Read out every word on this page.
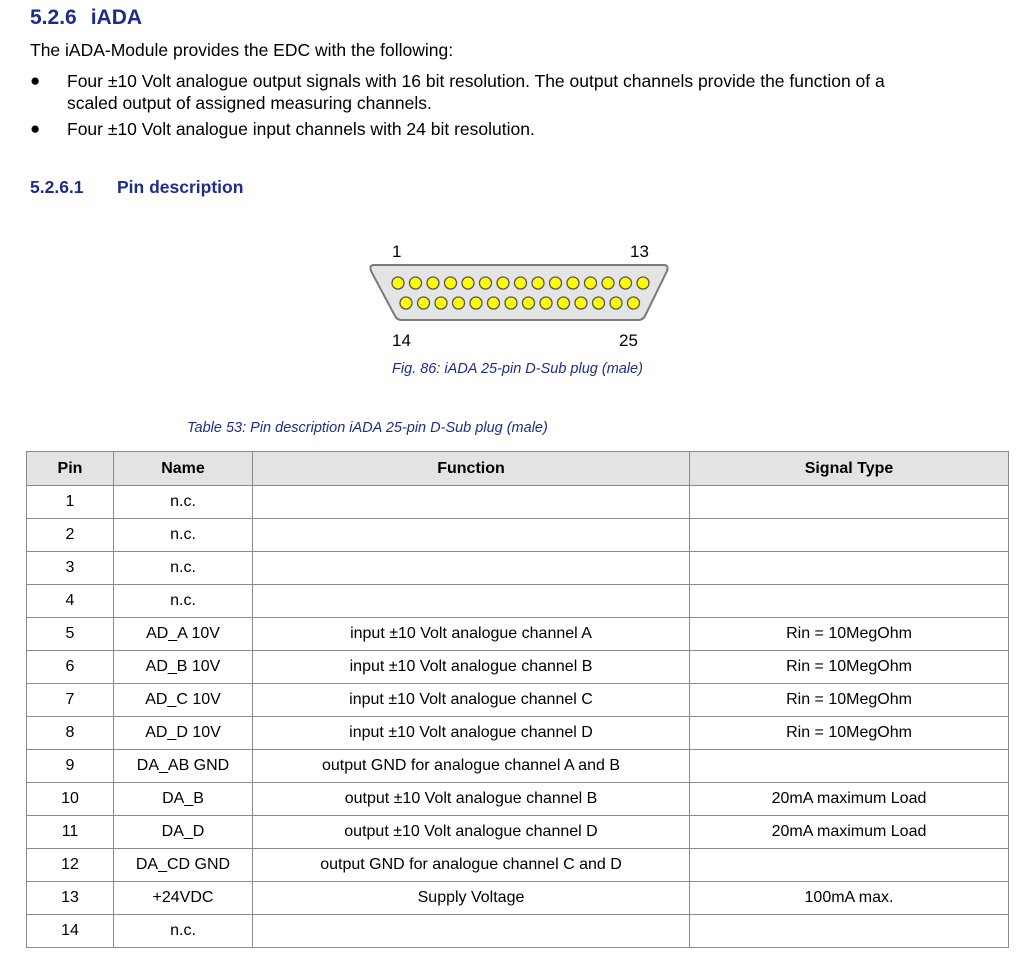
5.2.6 iADA

The iADA-Module provides the EDC with the following:

● Four ±10 Volt analogue output signals with 16 bit resolution. The output channels provide the function of a
scaled output of assigned measuring channels.
● Four ±10 Volt analogue input channels with 24 bit resolution.
5.2.6.1 Pin description
1	13
14	25

Fig. 86: iADA 25-pin D-Sub plug (male)

Table 53: Pin description iADA 25-pin D-Sub plug (male)

Pin	Name	Function	Signal Type
1	n.c.		
2	n.c.		
3	n.c.		
4	n.c.		
5	AD_A 10V	input ±10 Volt analogue channel A	Rin = 10MegOhm
6	AD_B 10V	input ±10 Volt analogue channel B	Rin = 10MegOhm
7	AD_C 10V	input ±10 Volt analogue channel C	Rin = 10MegOhm
8	AD_D 10V	input ±10 Volt analogue channel D	Rin = 10MegOhm
9	DA_AB GND	output GND for analogue channel A and B	
10	DA_B	output ±10 Volt analogue channel B	20mA maximum Load
11	DA_D	output ±10 Volt analogue channel D	20mA maximum Load
12	DA_CD GND	output GND for analogue channel C and D	
13	+24VDC	Supply Voltage	100mA max.
14	n.c.		
